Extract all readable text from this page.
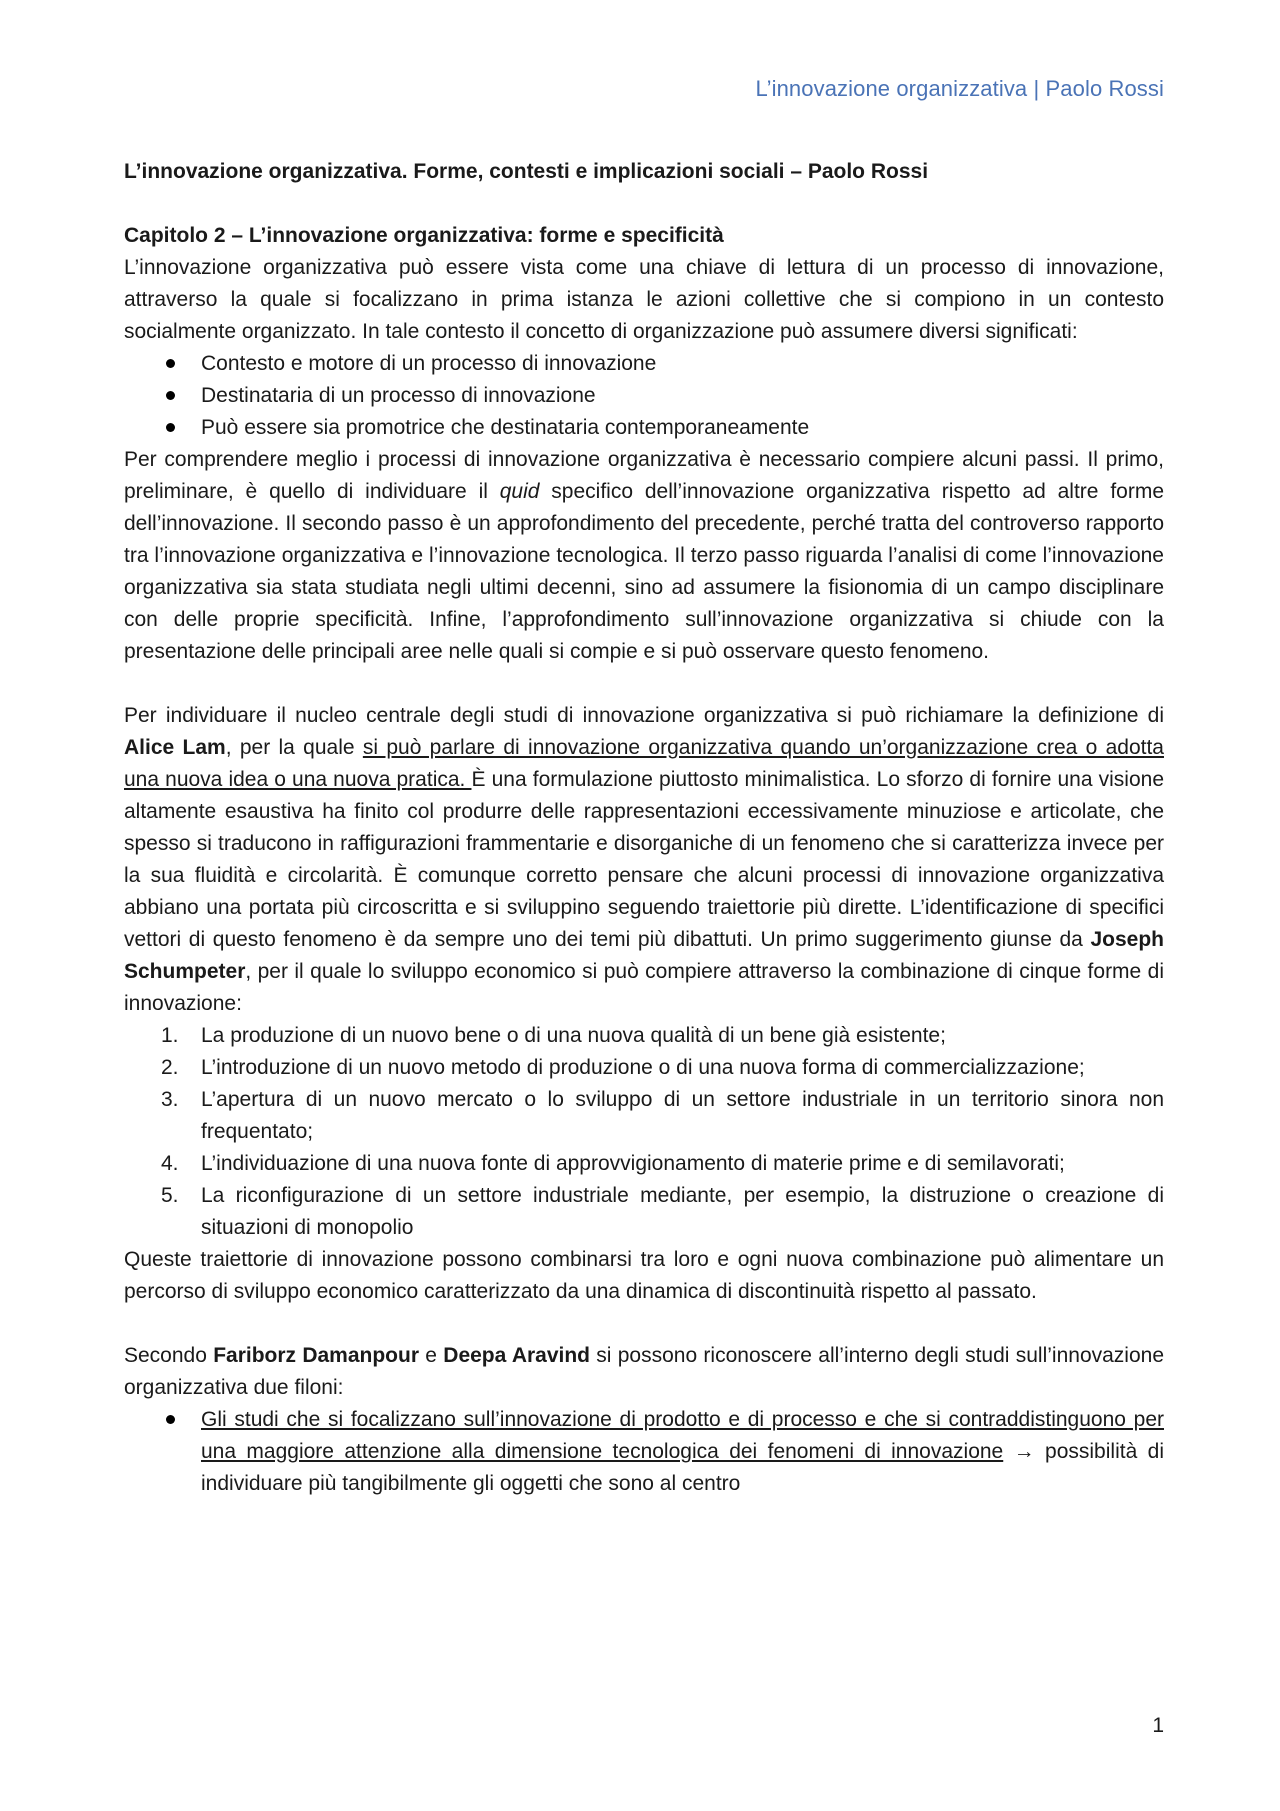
L’innovazione organizzativa | Paolo Rossi

L’innovazione organizzativa. Forme, contesti e implicazioni sociali – Paolo Rossi

Capitolo 2 – L’innovazione organizzativa: forme e specificità

L’innovazione organizzativa può essere vista come una chiave di lettura di un processo di innovazione, attraverso la quale si focalizzano in prima istanza le azioni collettive che si compiono in un contesto socialmente organizzato. In tale contesto il concetto di organizzazione può assumere diversi significati:

Contesto e motore di un processo di innovazione
Destinataria di un processo di innovazione
Può essere sia promotrice che destinataria contemporaneamente

Per comprendere meglio i processi di innovazione organizzativa è necessario compiere alcuni passi. Il primo, preliminare, è quello di individuare il quid specifico dell’innovazione organizzativa rispetto ad altre forme dell’innovazione. Il secondo passo è un approfondimento del precedente, perché tratta del controverso rapporto tra l’innovazione organizzativa e l’innovazione tecnologica. Il terzo passo riguarda l’analisi di come l’innovazione organizzativa sia stata studiata negli ultimi decenni, sino ad assumere la fisionomia di un campo disciplinare con delle proprie specificità. Infine, l’approfondimento sull’innovazione organizzativa si chiude con la presentazione delle principali aree nelle quali si compie e si può osservare questo fenomeno.

Per individuare il nucleo centrale degli studi di innovazione organizzativa si può richiamare la definizione di Alice Lam, per la quale si può parlare di innovazione organizzativa quando un’organizzazione crea o adotta una nuova idea o una nuova pratica. È una formulazione piuttosto minimalistica. Lo sforzo di fornire una visione altamente esaustiva ha finito col produrre delle rappresentazioni eccessivamente minuziose e articolate, che spesso si traducono in raffigurazioni frammentarie e disorganiche di un fenomeno che si caratterizza invece per la sua fluidità e circolarità. È comunque corretto pensare che alcuni processi di innovazione organizzativa abbiano una portata più circoscritta e si sviluppino seguendo traiettorie più dirette. L’identificazione di specifici vettori di questo fenomeno è da sempre uno dei temi più dibattuti. Un primo suggerimento giunse da Joseph Schumpeter, per il quale lo sviluppo economico si può compiere attraverso la combinazione di cinque forme di innovazione:

1. La produzione di un nuovo bene o di una nuova qualità di un bene già esistente;
2. L’introduzione di un nuovo metodo di produzione o di una nuova forma di commercializzazione;
3. L’apertura di un nuovo mercato o lo sviluppo di un settore industriale in un territorio sinora non frequentato;
4. L’individuazione di una nuova fonte di approvvigionamento di materie prime e di semilavorati;
5. La riconfigurazione di un settore industriale mediante, per esempio, la distruzione o creazione di situazioni di monopolio

Queste traiettorie di innovazione possono combinarsi tra loro e ogni nuova combinazione può alimentare un percorso di sviluppo economico caratterizzato da una dinamica di discontinuità rispetto al passato.

Secondo Fariborz Damanpour e Deepa Aravind si possono riconoscere all’interno degli studi sull’innovazione organizzativa due filoni:

Gli studi che si focalizzano sull’innovazione di prodotto e di processo e che si contraddistinguono per una maggiore attenzione alla dimensione tecnologica dei fenomeni di innovazione → possibilità di individuare più tangibilmente gli oggetti che sono al centro
1
